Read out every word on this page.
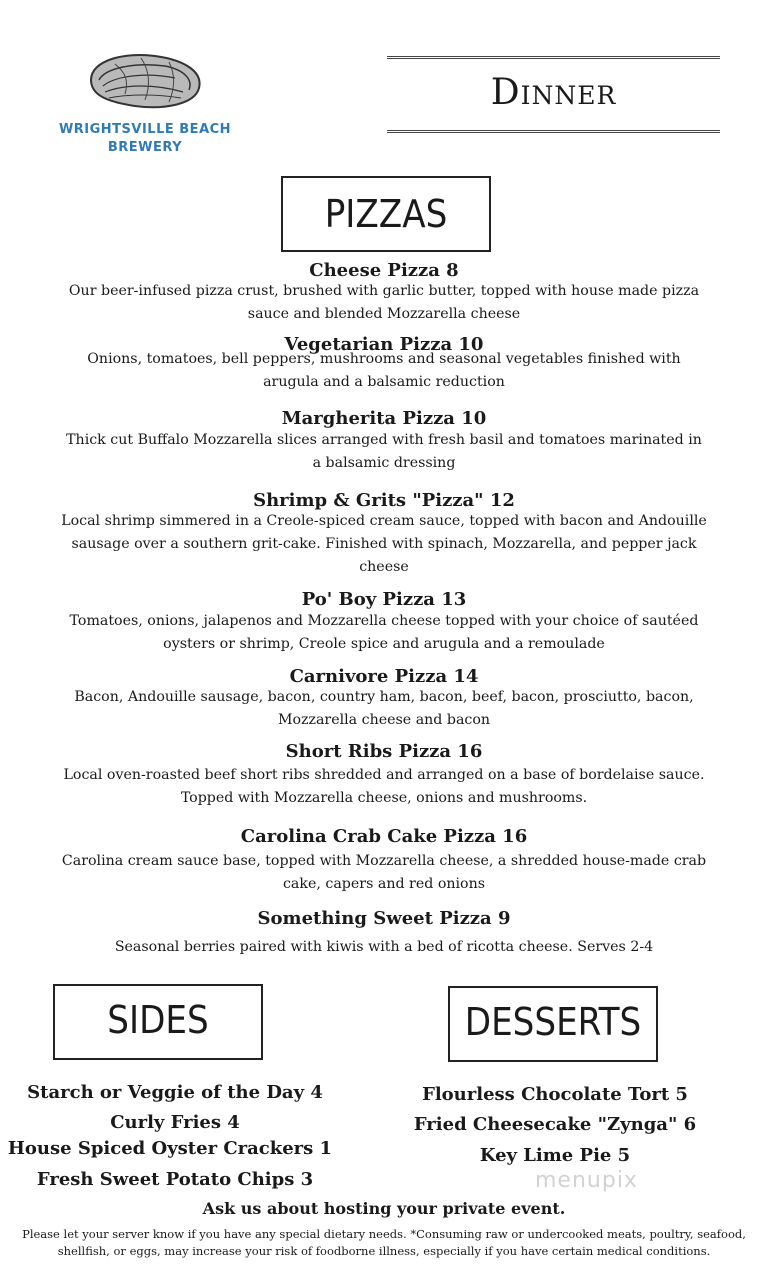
WRIGHTSVILLE BEACH
BREWERY
Dinner
PIZZAS
Cheese Pizza 8
Our beer-infused pizza crust, brushed with garlic butter, topped with house made pizza sauce and blended Mozzarella cheese
Vegetarian Pizza 10
Onions, tomatoes, bell peppers, mushrooms and seasonal vegetables finished with arugula and a balsamic reduction
Margherita Pizza 10
Thick cut Buffalo Mozzarella slices arranged with fresh basil and tomatoes marinated in a balsamic dressing
Shrimp & Grits "Pizza" 12
Local shrimp simmered in a Creole-spiced cream sauce, topped with bacon and Andouille sausage over a southern grit-cake. Finished with spinach, Mozzarella, and pepper jack cheese
Po' Boy Pizza 13
Tomatoes, onions, jalapenos and Mozzarella cheese topped with your choice of sautéed oysters or shrimp, Creole spice and arugula and a remoulade
Carnivore Pizza 14
Bacon, Andouille sausage, bacon, country ham, bacon, beef, bacon, prosciutto, bacon, Mozzarella cheese and bacon
Short Ribs Pizza 16
Local oven-roasted beef short ribs shredded and arranged on a base of bordelaise sauce. Topped with Mozzarella cheese, onions and mushrooms.
Carolina Crab Cake Pizza 16
Carolina cream sauce base, topped with Mozzarella cheese, a shredded house-made crab cake, capers and red onions
Something Sweet Pizza 9
Seasonal berries paired with kiwis with a bed of ricotta cheese. Serves 2-4
SIDES	DESSERTS
Starch or Veggie of the Day 4
Curly Fries 4
House Spiced Oyster Crackers 1
Fresh Sweet Potato Chips 3
Flourless Chocolate Tort 5
Fried Cheesecake "Zynga" 6
Key Lime Pie 5
menupix
Ask us about hosting your private event.
Please let your server know if you have any special dietary needs. *Consuming raw or undercooked meats, poultry, seafood, shellfish, or eggs, may increase your risk of foodborne illness, especially if you have certain medical conditions.
